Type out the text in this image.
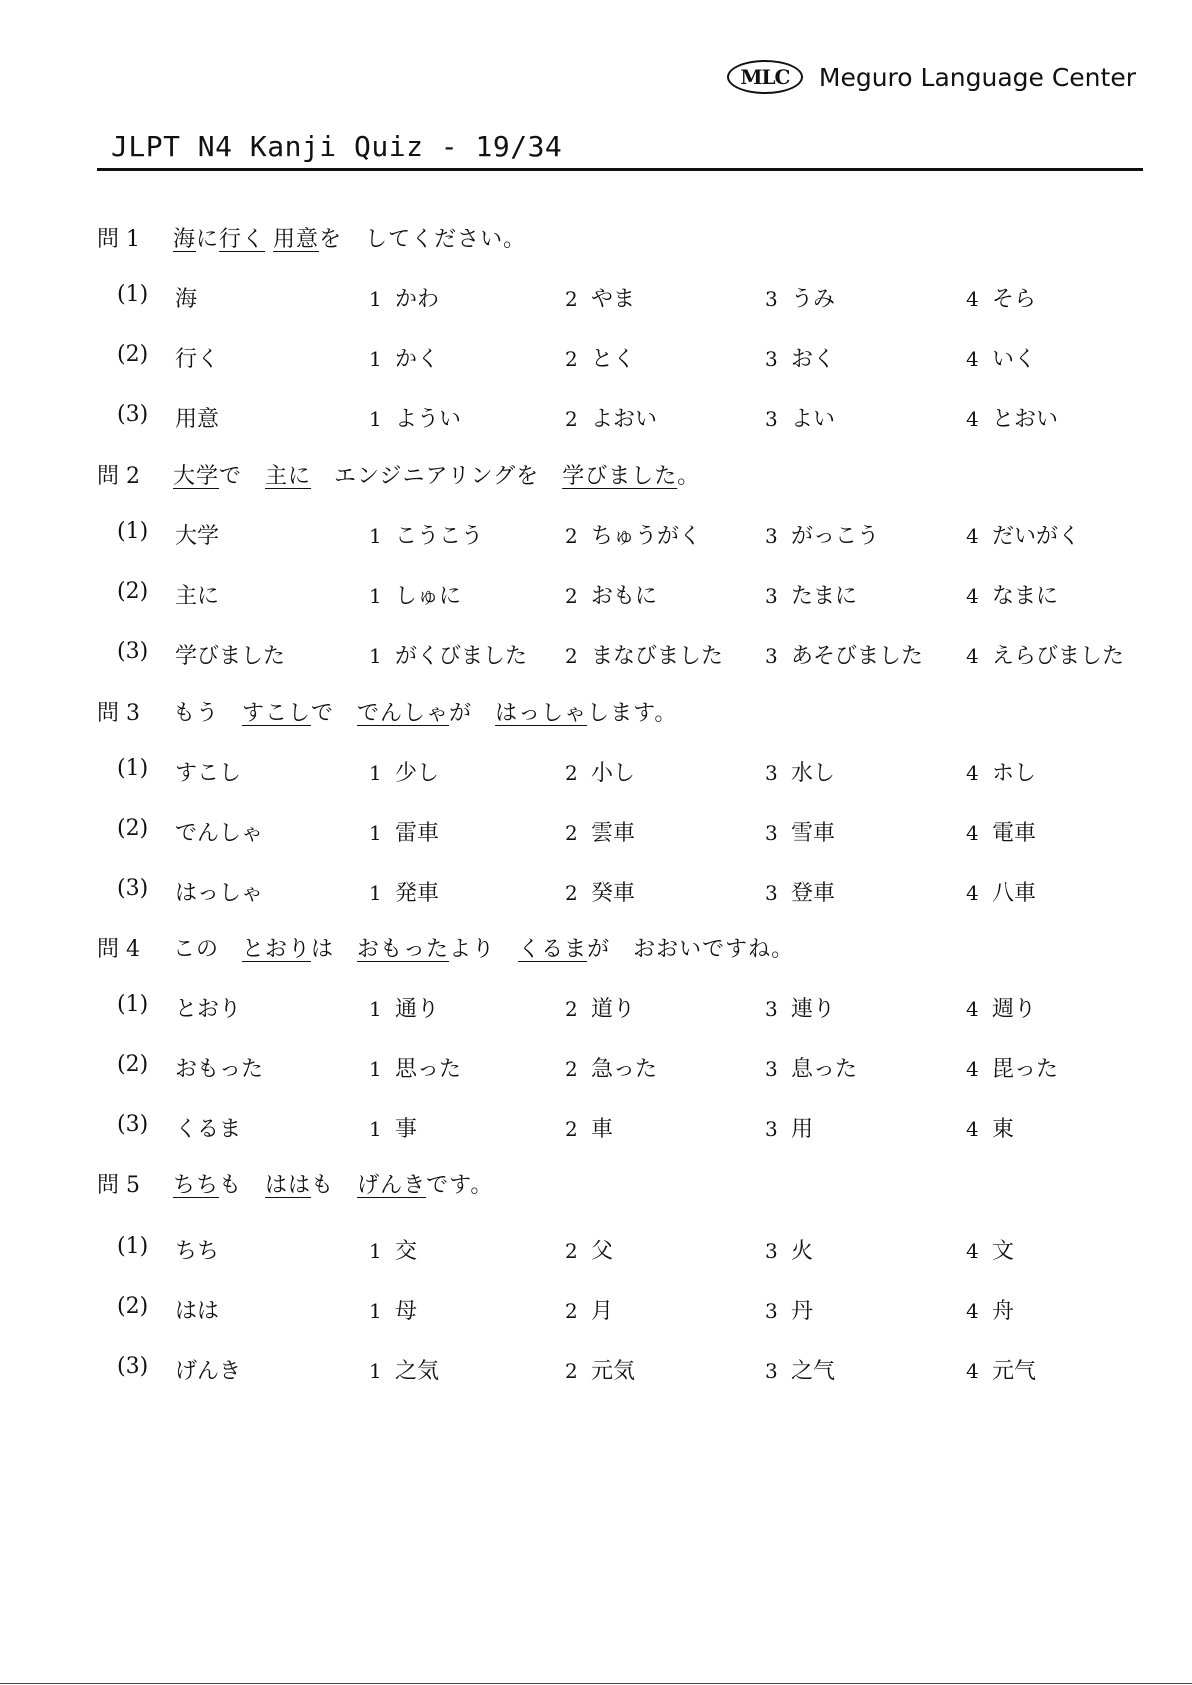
MLC	Meguro Language Center
JLPT N4 Kanji Quiz - 19/34
問 1 海に行く 用意を　してください。
(1) 海	1 かわ	2 やま	3 うみ	4 そら
(2) 行く	1 かく	2 とく	3 おく	4 いく
(3) 用意	1 ようい	2 よおい	3 よい	4 とおい
問 2 大学で　主に　エンジニアリングを　学びました。
(1) 大学	1 こうこう	2 ちゅうがく	3 がっこう	4 だいがく
(2) 主に	1 しゅに	2 おもに	3 たまに	4 なまに
(3) 学びました	1 がくびました 2 まなびました 3 あそびました 4 えらびました
問 3 もう　すこしで　でんしゃが　はっしゃします。
(1) すこし	1 少し	2 小し	3 水し	4 ホし
(2) でんしゃ	1 雷車	2 雲車	3 雪車	4 電車
(3) はっしゃ	1 発車	2 癸車	3 登車	4 八車
問 4 この　とおりは　おもったより　くるまが　おおいですね。
(1) とおり	1 通り	2 道り	3 連り	4 週り
(2) おもった	1 思った	2 急った	3 息った	4 毘った
(3) くるま	1 事	2 車	3 用	4 東
問 5 ちちも　ははも　げんきです。
(1) ちち	1 交	2 父	3 火	4 文
(2) はは	1 母	2 月	3 丹	4 舟
(3) げんき	1 之気	2 元気	3 之气	4 元气
